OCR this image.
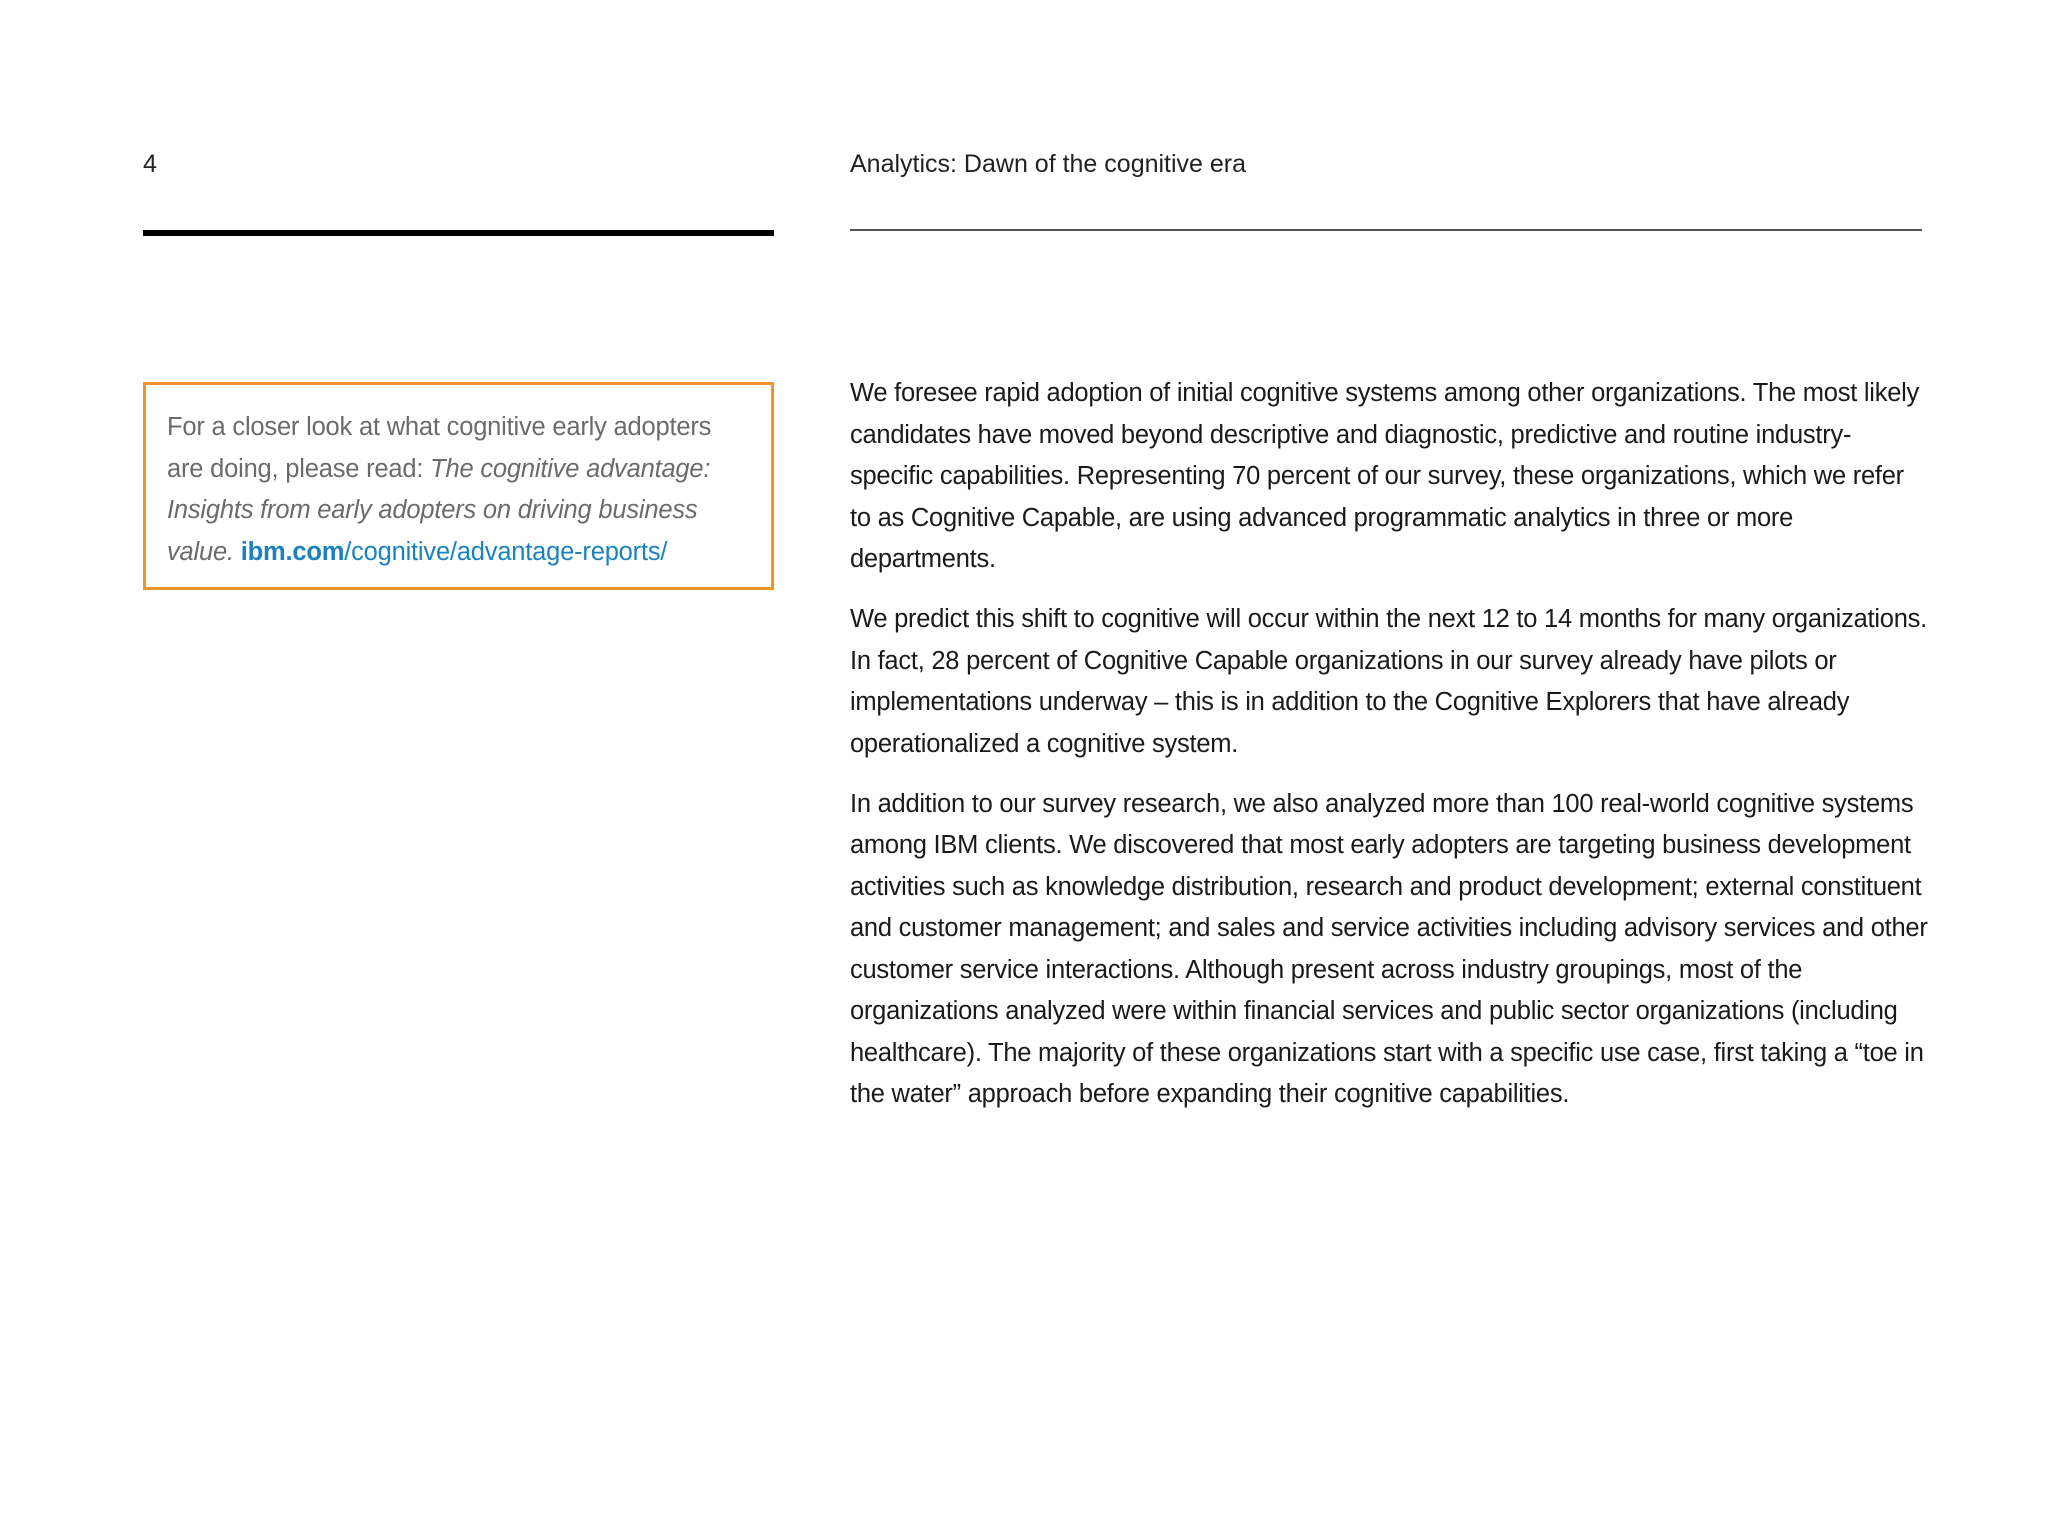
4	Analytics: Dawn of the cognitive era
For a closer look at what cognitive early adopters are doing, please read: The cognitive advantage: Insights from early adopters on driving business value. ibm.com/cognitive/advantage-reports/

We foresee rapid adoption of initial cognitive systems among other organizations. The most likely candidates have moved beyond descriptive and diagnostic, predictive and routine industry-specific capabilities. Representing 70 percent of our survey, these organizations, which we refer to as Cognitive Capable, are using advanced programmatic analytics in three or more departments.

We predict this shift to cognitive will occur within the next 12 to 14 months for many organizations. In fact, 28 percent of Cognitive Capable organizations in our survey already have pilots or implementations underway – this is in addition to the Cognitive Explorers that have already operationalized a cognitive system.

In addition to our survey research, we also analyzed more than 100 real-world cognitive systems among IBM clients. We discovered that most early adopters are targeting business development activities such as knowledge distribution, research and product development; external constituent and customer management; and sales and service activities including advisory services and other customer service interactions. Although present across industry groupings, most of the organizations analyzed were within financial services and public sector organizations (including healthcare). The majority of these organizations start with a specific use case, first taking a “toe in the water” approach before expanding their cognitive capabilities.
